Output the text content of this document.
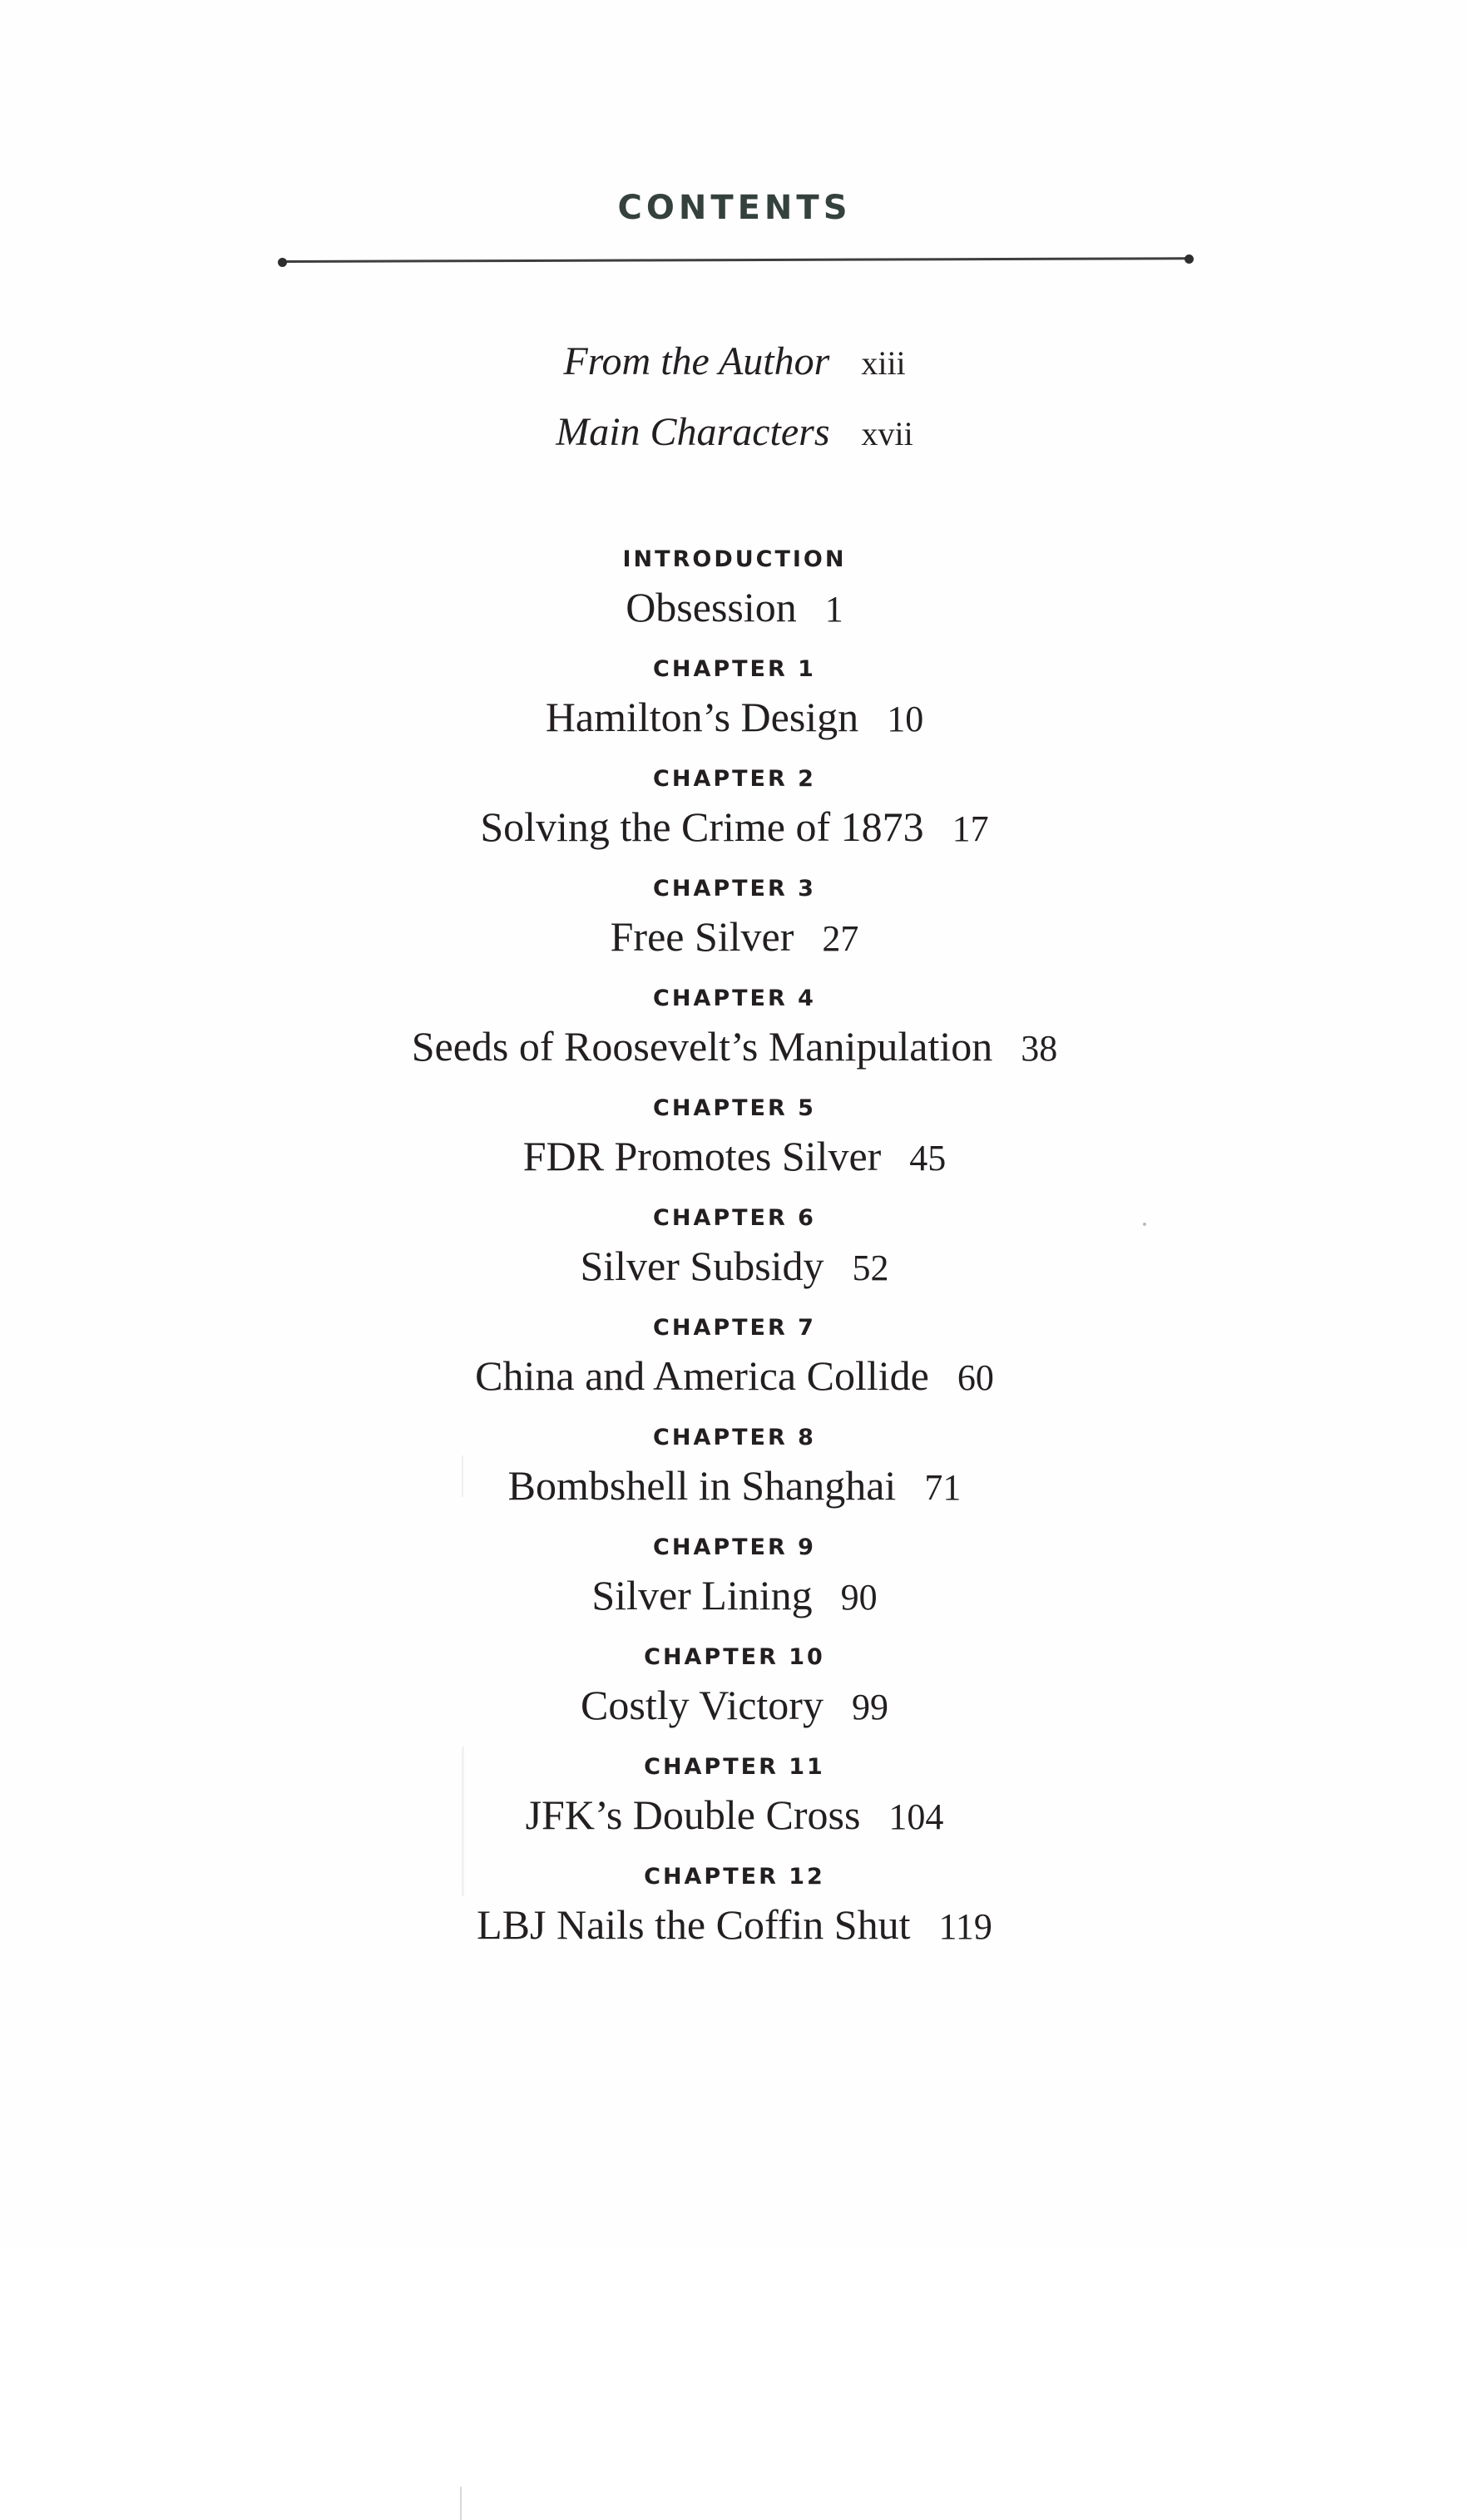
CONTENTS
From the Author xiii
Main Characters xvii
INTRODUCTION
Obsession 1
CHAPTER 1
Hamilton’s Design 10
CHAPTER 2
Solving the Crime of 1873 17
CHAPTER 3
Free Silver 27
CHAPTER 4
Seeds of Roosevelt’s Manipulation 38
CHAPTER 5
FDR Promotes Silver 45
CHAPTER 6
Silver Subsidy 52
CHAPTER 7
China and America Collide 60
CHAPTER 8
Bombshell in Shanghai 71
CHAPTER 9
Silver Lining 90
CHAPTER 10
Costly Victory 99
CHAPTER 11
JFK’s Double Cross 104
CHAPTER 12
LBJ Nails the Coffin Shut 119
